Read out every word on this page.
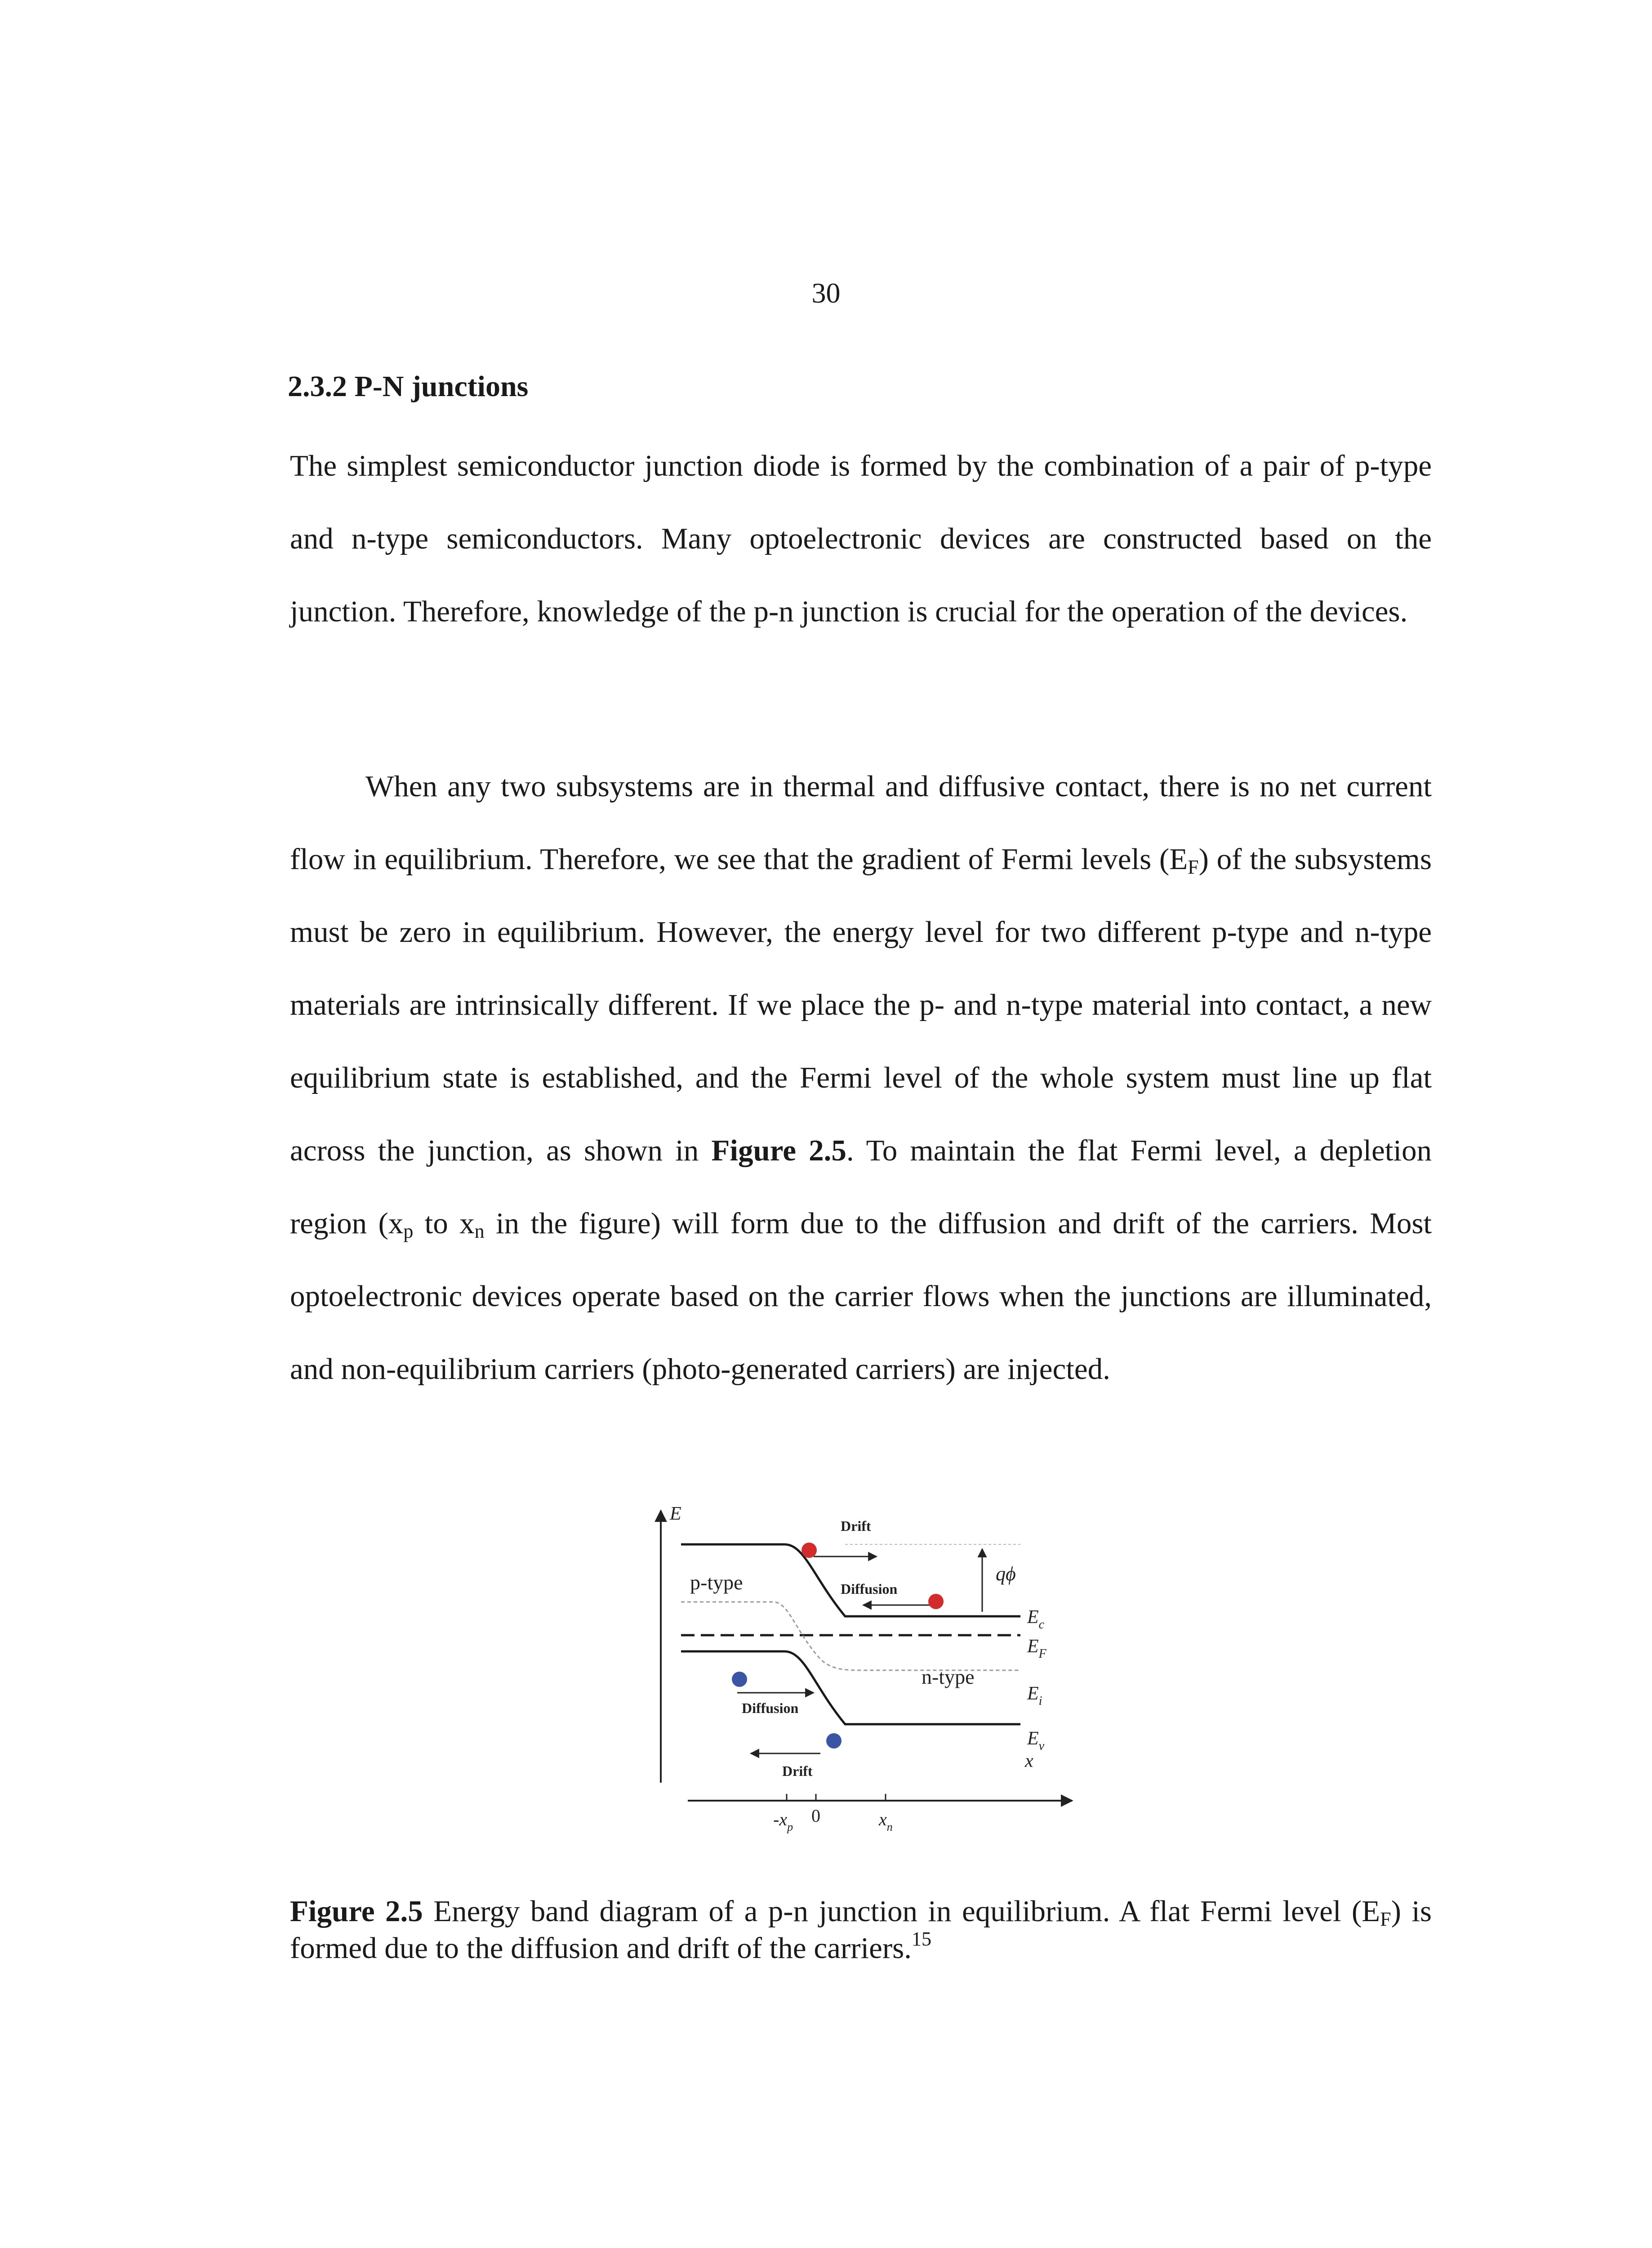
30
2.3.2 P-N junctions

The simplest semiconductor junction diode is formed by the combination of a pair of p-type and n-type semiconductors. Many optoelectronic devices are constructed based on the junction. Therefore, knowledge of the p-n junction is crucial for the operation of the devices.

When any two subsystems are in thermal and diffusive contact, there is no net current flow in equilibrium. Therefore, we see that the gradient of Fermi levels $(E_F)$ of the subsystems must be zero in equilibrium. However, the energy level for two different p-type and n-type materials are intrinsically different. If we place the p- and n-type material into contact, a new equilibrium state is established, and the Fermi level of the whole system must line up flat across the junction, as shown in Figure 2.5. To maintain the flat Fermi level, a depletion region ($x_p$ to $x_n$ in the figure) will form due to the diffusion and drift of the carriers. Most optoelectronic devices operate based on the carrier flows when the junctions are illuminated, and non-equilibrium carriers (photo-generated carriers) are injected.

E
qϕ
Drift
Diffusion
p-type
n-type
Diffusion
Drift
$E_c$
$E_F$
$E_i$
$E_v$
x
$-x_p$
0	$x_n$

Figure 2.5 Energy band diagram of a p-n junction in equilibrium. A flat Fermi level $(E_F)$ is formed due to the diffusion and drift of the carriers.$^{15}$
